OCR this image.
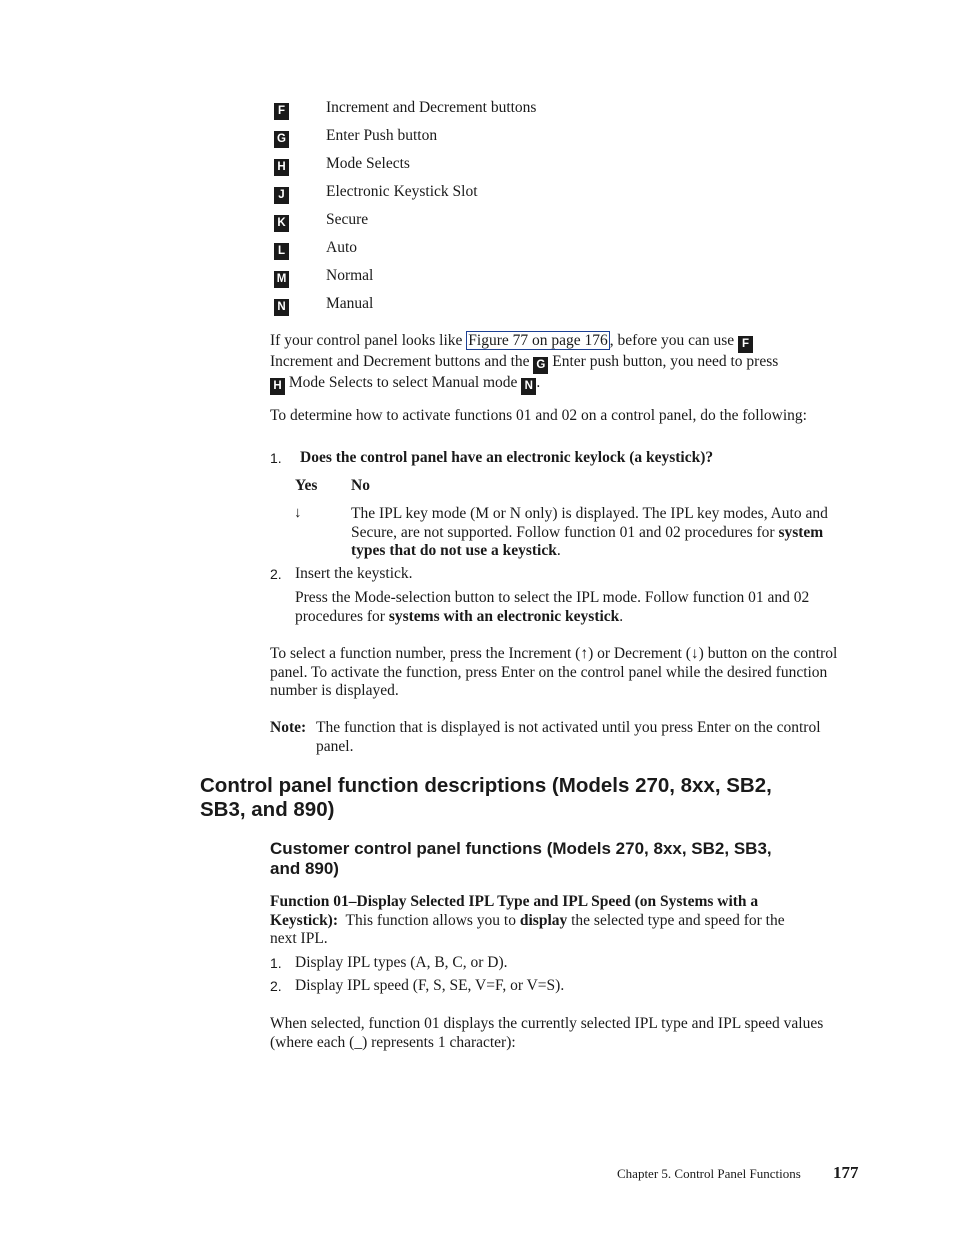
F	Increment and Decrement buttons
G	Enter Push button
H	Mode Selects
J	Electronic Keystick Slot
K	Secure
L	Auto
M	Normal
N	Manual
If your control panel looks like Figure 77 on page 176 , before you can use F
Increment and Decrement buttons and the G Enter push button, you need to press
H Mode Selects to select Manual mode N .
To determine how to activate functions 01 and 02 on a control panel, do the following:
1. Does the control panel have an electronic keylock (a keystick)?
Yes No
↓	The IPL key mode (M or N only) is displayed. The IPL key modes, Auto and Secure, are not supported. Follow function 01 and 02 procedures for system types that do not use a keystick.
2. Insert the keystick.
Press the Mode-selection button to select the IPL mode. Follow function 01 and 02 procedures for systems with an electronic keystick.
To select a function number, press the Increment (↑) or Decrement (↓) button on the control panel. To activate the function, press Enter on the control panel while the desired function number is displayed.
Note: The function that is displayed is not activated until you press Enter on the control panel.
Control panel function descriptions (Models 270, 8xx, SB2,
SB3, and 890)
Customer control panel functions (Models 270, 8xx, SB2, SB3,
and 890)
Function 01–Display Selected IPL Type and IPL Speed (on Systems with a
Keystick):  This function allows you to display the selected type and speed for the
next IPL.
1. Display IPL types (A, B, C, or D).
2. Display IPL speed (F, S, SE, V=F, or V=S).
When selected, function 01 displays the currently selected IPL type and IPL speed values (where each (_) represents 1 character):
Chapter 5. Control Panel Functions 177
